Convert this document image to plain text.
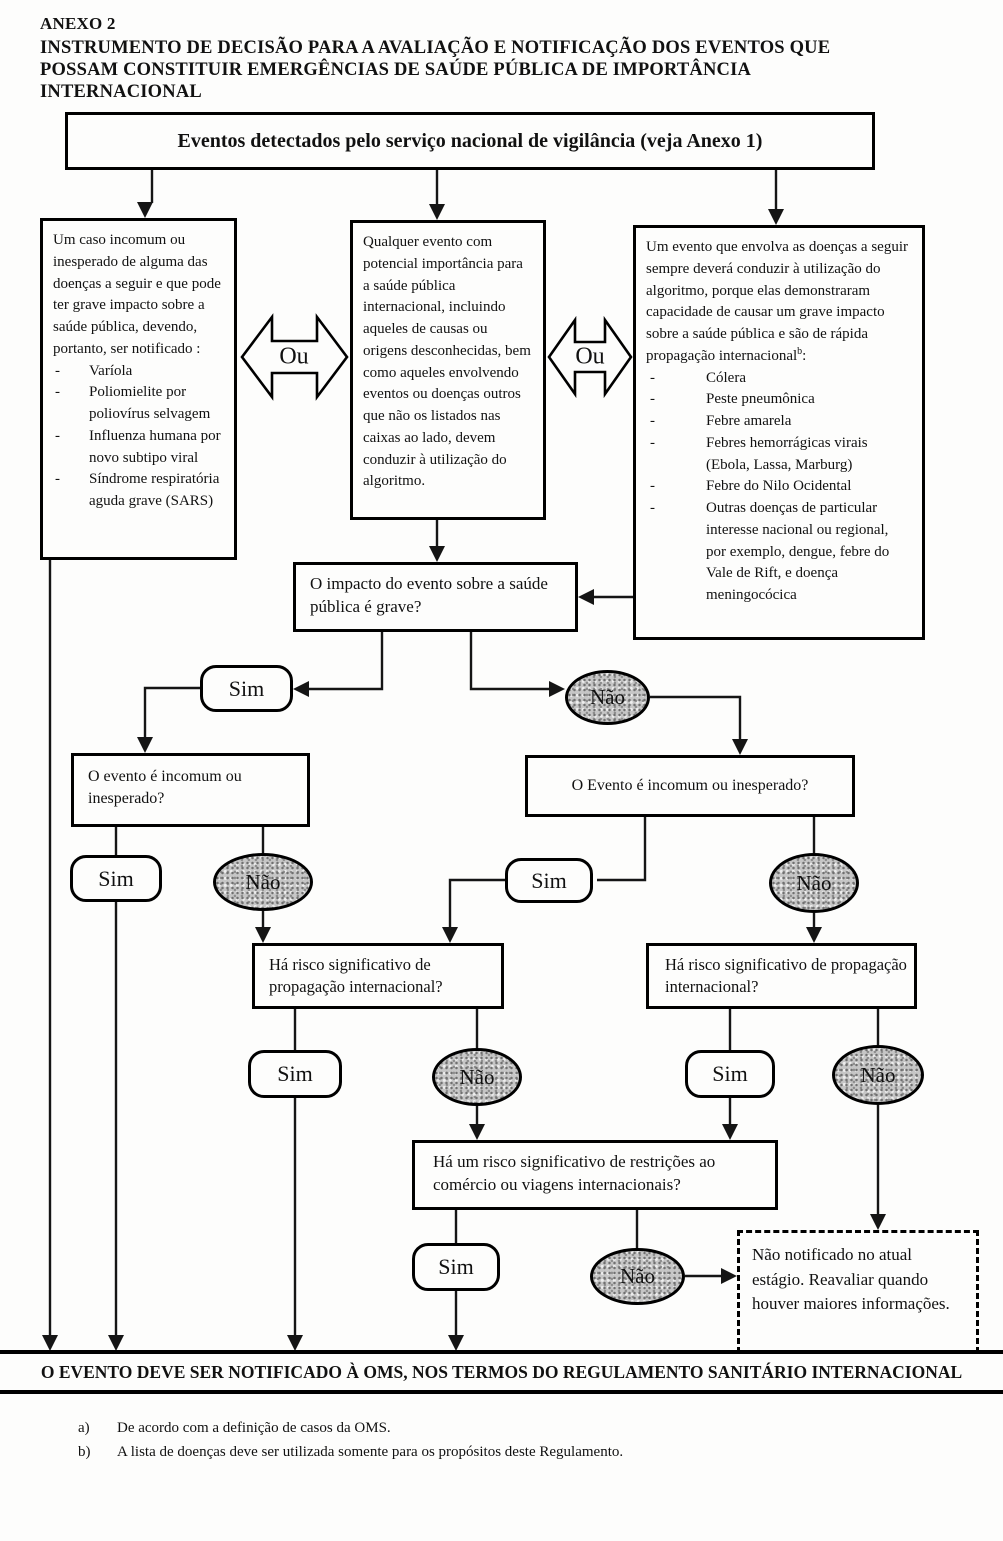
ANEXO 2
INSTRUMENTO DE DECISÃO PARA A AVALIAÇÃO E NOTIFICAÇÃO DOS EVENTOS QUE
POSSAM CONSTITUIR EMERGÊNCIAS DE SAÚDE PÚBLICA DE IMPORTÂNCIA
INTERNACIONAL
Eventos detectados pelo serviço nacional de vigilância (veja Anexo 1)
Um caso incomum ou inesperado de alguma das doenças a seguir e que pode ter grave impacto sobre a saúde pública, devendo, portanto, ser notificado :
-	Varíola
-	Poliomielite por poliovírus selvagem
-	Influenza humana por novo subtipo viral
-	Síndrome respiratória aguda grave (SARS)
Qualquer evento com potencial importância para a saúde pública internacional, incluindo aqueles de causas ou origens desconhecidas, bem como aqueles envolvendo eventos ou doenças outros que não os listados nas caixas ao lado, devem conduzir à utilização do algoritmo.
Um evento que envolva as doenças a seguir sempre deverá conduzir à utilização do algoritmo, porque elas demonstraram capacidade de causar um grave impacto sobre a saúde pública e são de rápida propagação internacional$^b$:
-	Cólera
-	Peste pneumônica
-	Febre amarela
-	Febres hemorrágicas virais (Ebola, Lassa, Marburg)
-	Febre do Nilo Ocidental
-	Outras doenças de particular interesse nacional ou regional, por exemplo, dengue, febre do Vale de Rift, e doença meningocócica
Ou	Ou
O impacto do evento sobre a saúde pública é grave?
Sim	Não
O evento é incomum ou inesperado?
O Evento é incomum ou inesperado?
Sim	Não	Sim	Não
Há risco significativo de propagação internacional?
Há risco significativo de propagação internacional?
Sim	Não	Sim	Não
Há um risco significativo de restrições ao comércio ou viagens internacionais?
Sim	Não
Não notificado no atual estágio. Reavaliar quando houver maiores informações.
O EVENTO DEVE SER NOTIFICADO À OMS, NOS TERMOS DO REGULAMENTO SANITÁRIO INTERNACIONAL
a) De acordo com a definição de casos da OMS.
b) A lista de doenças deve ser utilizada somente para os propósitos deste Regulamento.
